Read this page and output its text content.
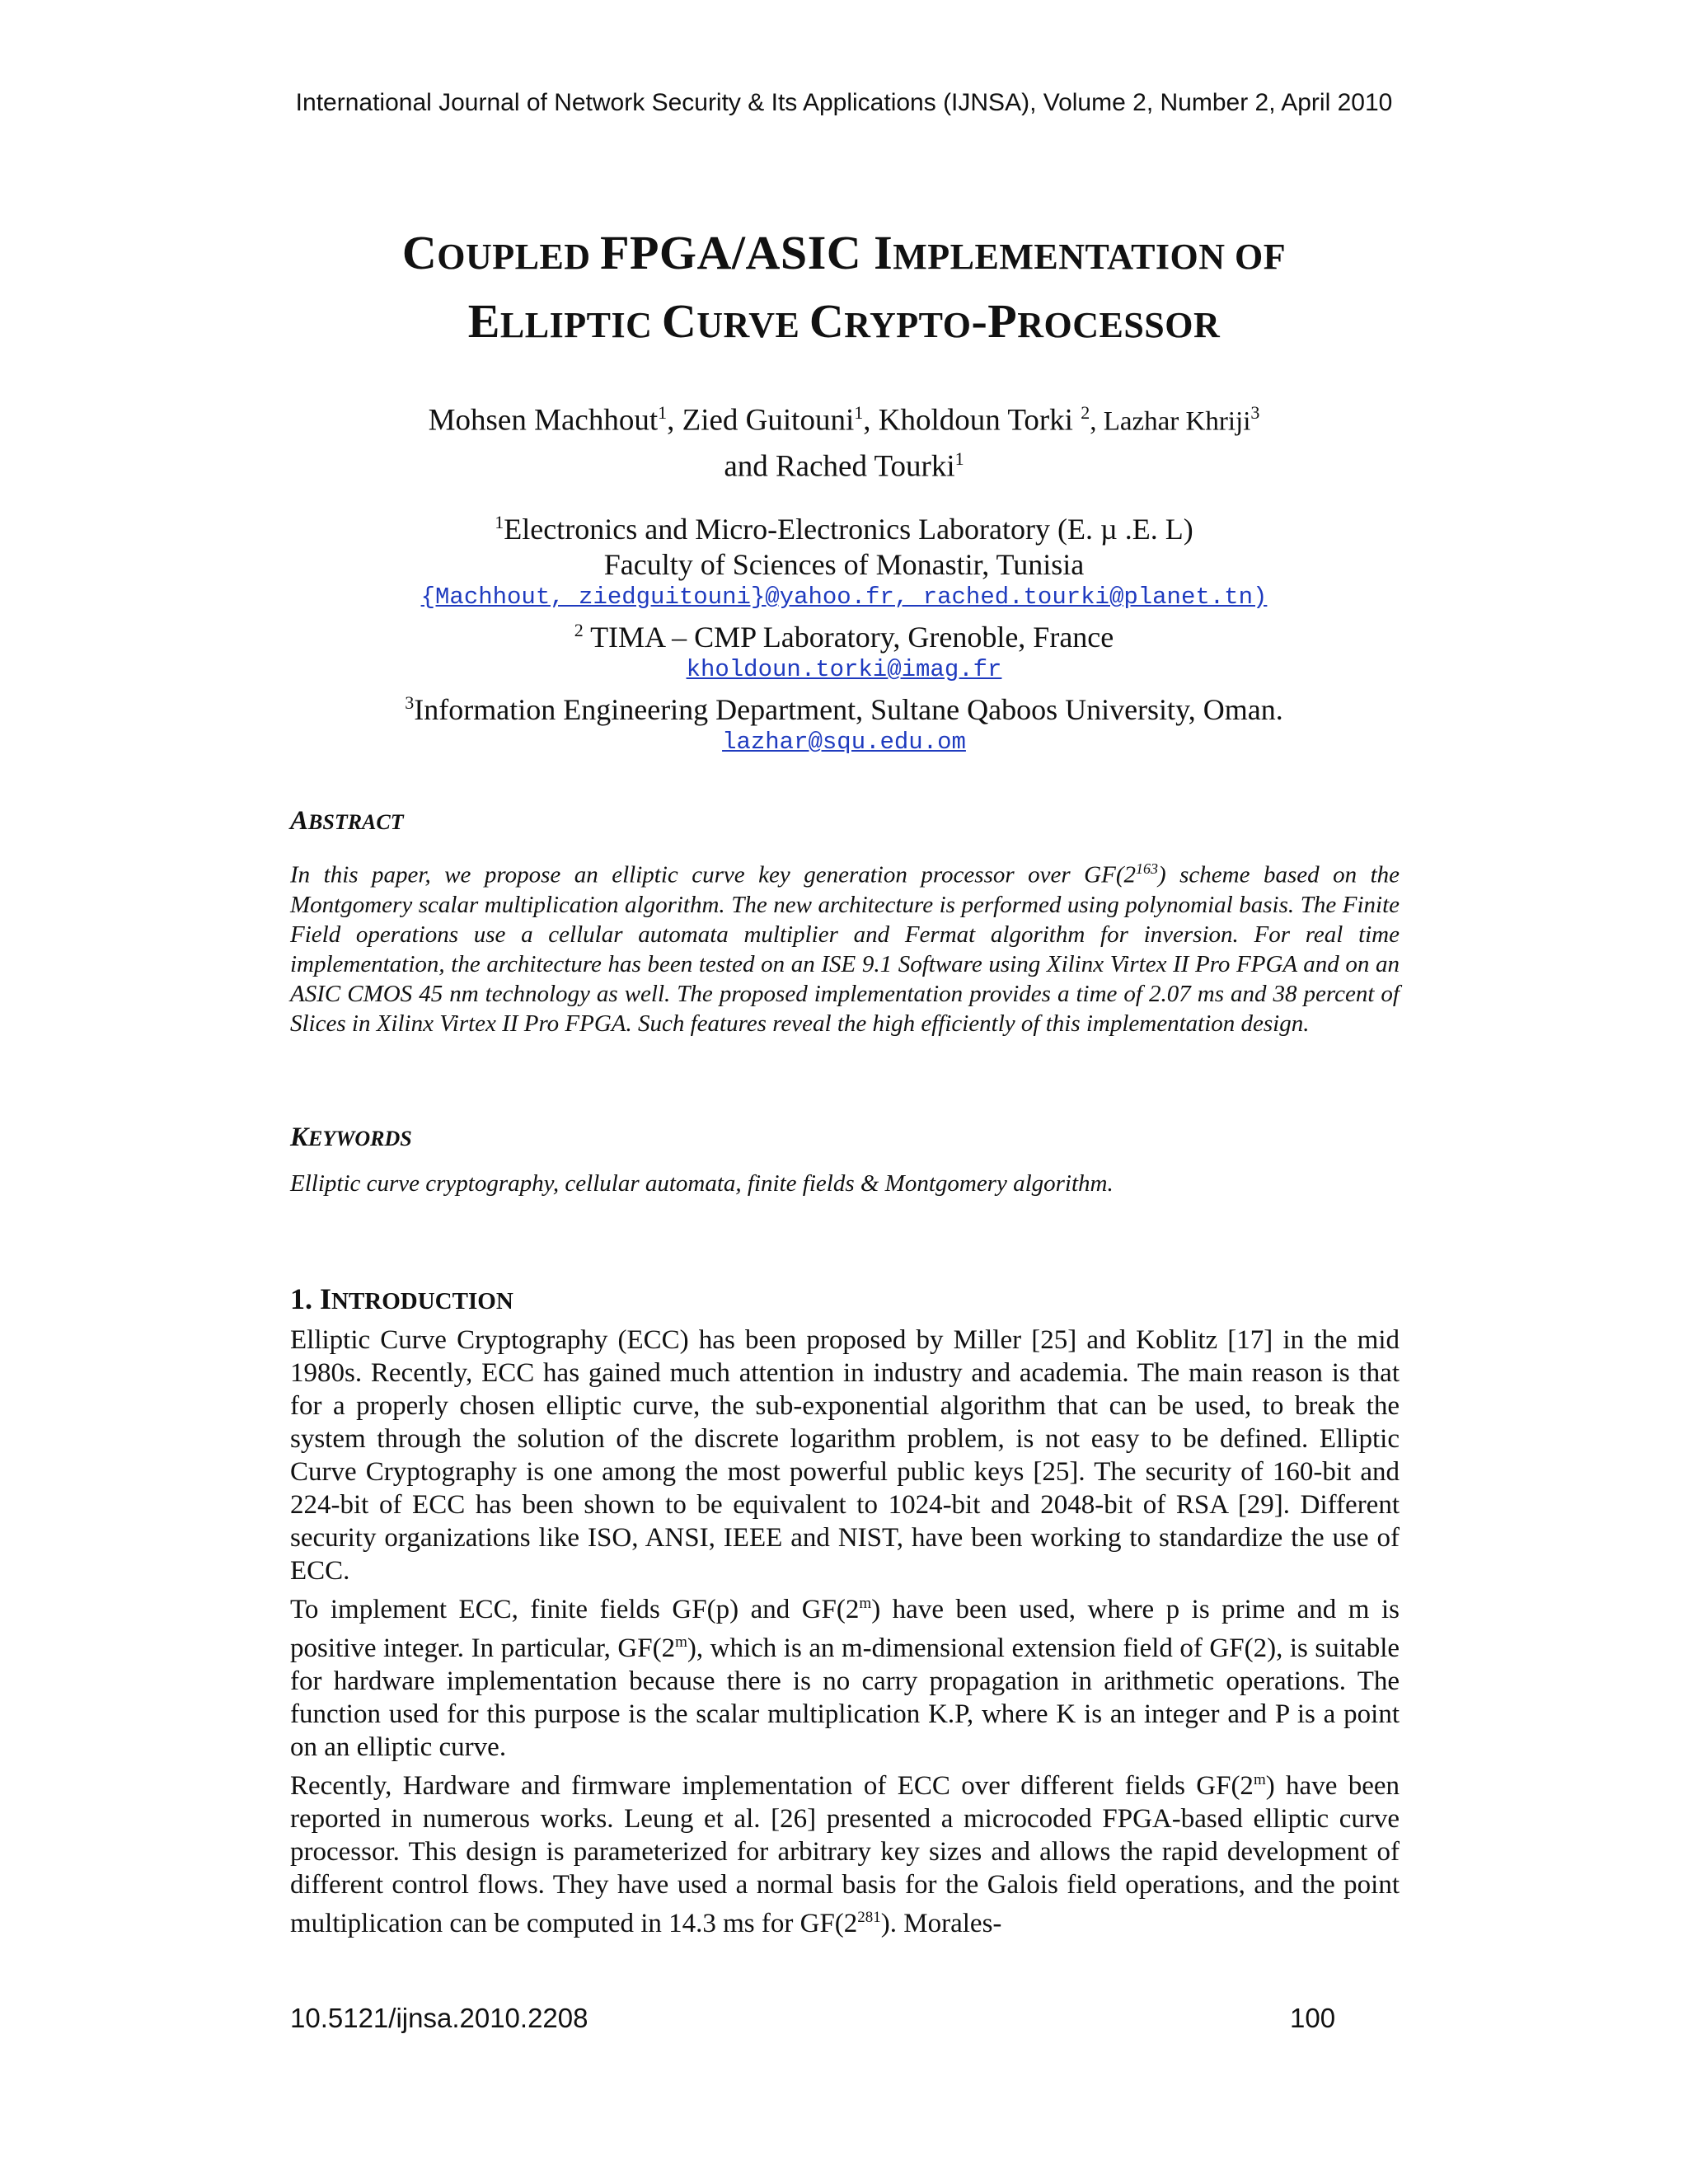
International Journal of Network Security & Its Applications (IJNSA), Volume 2, Number 2, April 2010
COUPLED FPGA/ASIC IMPLEMENTATION OF
ELLIPTIC CURVE CRYPTO-PROCESSOR
Mohsen Machhout$^1$, Zied Guitouni$^1$, Kholdoun Torki $^2$, Lazhar Khriji$^3$
and Rached Tourki$^1$
$^1$Electronics and Micro-Electronics Laboratory (E. µ .E. L)
Faculty of Sciences of Monastir, Tunisia
{Machhout, ziedguitouni}@yahoo.fr, rached.tourki@planet.tn)
$^2$ TIMA – CMP Laboratory, Grenoble, France
kholdoun.torki@imag.fr
$^3$Information Engineering Department, Sultane Qaboos University, Oman.
lazhar@squ.edu.om
ABSTRACT
In this paper, we propose an elliptic curve key generation processor over $GF(2^{163})$ scheme based on the Montgomery scalar multiplication algorithm. The new architecture is performed using polynomial basis. The Finite Field operations use a cellular automata multiplier and Fermat algorithm for inversion. For real time implementation, the architecture has been tested on an ISE 9.1 Software using Xilinx Virtex II Pro FPGA and on an ASIC CMOS 45 nm technology as well. The proposed implementation provides a time of 2.07 ms and 38 percent of Slices in Xilinx Virtex II Pro FPGA. Such features reveal the high efficiently of this implementation design.
KEYWORDS
Elliptic curve cryptography, cellular automata, finite fields & Montgomery algorithm.
1. INTRODUCTION

Elliptic Curve Cryptography (ECC) has been proposed by Miller [25] and Koblitz [17] in the mid 1980s. Recently, ECC has gained much attention in industry and academia. The main reason is that for a properly chosen elliptic curve, the sub-exponential algorithm that can be used, to break the system through the solution of the discrete logarithm problem, is not easy to be defined. Elliptic Curve Cryptography is one among the most powerful public keys [25]. The security of 160-bit and 224-bit of ECC has been shown to be equivalent to 1024-bit and 2048-bit of RSA [29]. Different security organizations like ISO, ANSI, IEEE and NIST, have been working to standardize the use of ECC.

To implement ECC, finite fields GF(p) and GF(2$^m$) have been used, where p is prime and m is positive integer. In particular, GF(2$^m$), which is an m-dimensional extension field of GF(2), is suitable for hardware implementation because there is no carry propagation in arithmetic operations. The function used for this purpose is the scalar multiplication K.P, where K is an integer and P is a point on an elliptic curve.

Recently, Hardware and firmware implementation of ECC over different fields GF(2$^m$) have been reported in numerous works. Leung et al. [26] presented a microcoded FPGA-based elliptic curve processor. This design is parameterized for arbitrary key sizes and allows the rapid development of different control flows. They have used a normal basis for the Galois field operations, and the point multiplication can be computed in 14.3 ms for $GF(2^{281})$. Morales-

10.5121/ijnsa.2010.2208	100
